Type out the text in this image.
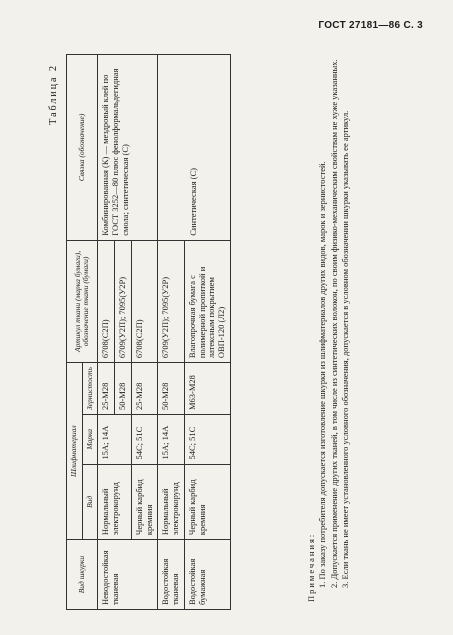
ГОСТ 27181—86 С. 3
Таблица 2
Вид шкурки	Шлифматериал			Артикул ткани (марка бумаги), обозначение ткани (бумаги)	Связка (обозначение)
	Вид	Марка	Зернистость		
Неводостойкая тканевая	Нормальный электрокорунд	15А; 14А	25-М28	6708(С2П)	Комбинированная (К) — мездровый клей по ГОСТ 3252—80 плюс фенолформальдегидная смола; синтетическая (С)
			50-М28	6709(У2П); 7095(У2Р)	
	Черный карбид кремния	54С; 51С	25-М28	6708(С2П)	
Водостойкая тканевая	Нормальный электрокорунд	15А; 14А	50-М28	6709(У2П); 7095(У2Р)	Синтетическая (С)
	Черный карбид кремния	54С; 51С			
Водостойкая бумажная			М63-М28	Влагопрочная бумага с полимерной пропиткой и латексным покрытием ОВП-120 (Л2)	
Примечания: 1. По заказу потребителя допускается изготовление шкурки из шлифматериалов других видов, марок и зернистостей. 2. Допускается применение других тканей, в том числе из синтетических волокон, по своим физико-механическим свойствам не хуже указанных. 3. Если ткань не имеет установленного условного обозначения, допускается в условном обозначении шкурки указывать ее артикул.
